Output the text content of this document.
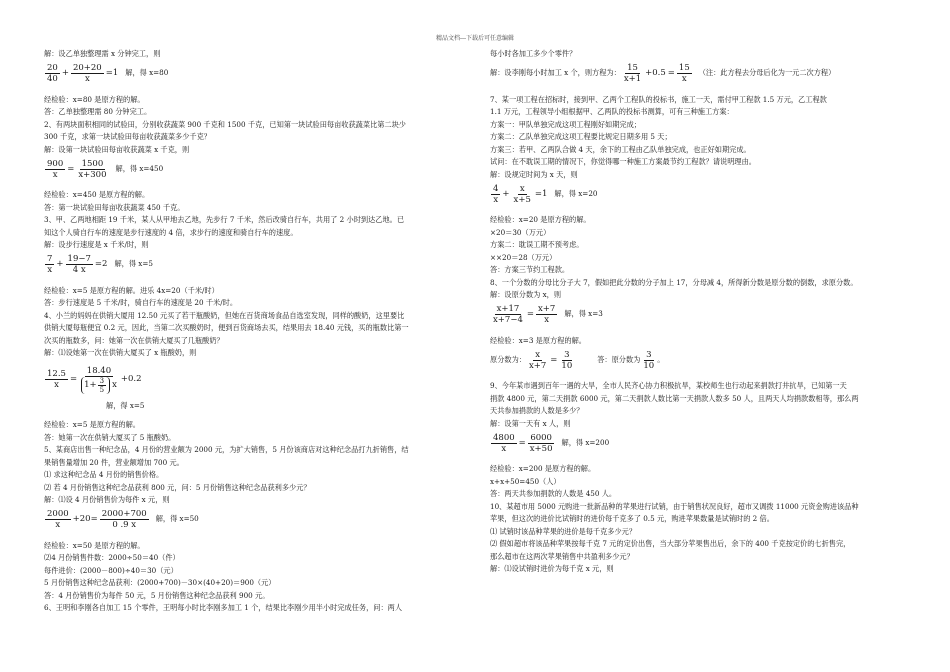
精品文档---下载后可任意编辑
解：设乙单独整理需 x 分钟完工，则
$\frac{20}{40} + \frac{20+20}{x} =1$ 解，得 x=80
经检验：x=80 是原方程的解。
答：乙单独整理需 80 分钟完工。
2、有两块面积相同的试验田，分别收获蔬菜 900 千克和 1500 千克，已知第一块试验田每亩收获蔬菜比第二块少
300 千克，求第一块试验田每亩收获蔬菜多少千克？
解：设第一块试验田每亩收获蔬菜 x 千克，则
$\frac{900}{x} = \frac{1500}{x+300}$ 解，得 x=450
经检验：x=450 是原方程的解。
答：第一块试验田每亩收获蔬菜 450 千克。
3、甲、乙两地相距 19 千米，某人从甲地去乙地，先步行 7 千米，然后改骑自行车，共用了 2 小时到达乙地。已
知这个人骑自行车的速度是步行速度的 4 倍，求步行的速度和骑自行车的速度。
解：设步行速度是 x 千米/时，则
$\frac{7}{x} + \frac{19-7}{4 x} =2$ 解，得 x=5
经检验：x=5 是原方程的解。进乐 4x=20（千米/时）
答：步行速度是 5 千米/时，骑自行车的速度是 20 千米/时。
4、小兰的妈妈在供销大厦用 12.50 元买了若干瓶酸奶，但她在百货商场食品自选室发现，同样的酸奶，这里要比
供销大厦每瓶便宜 0.2 元，因此，当第二次买酸奶时，便到百货商场去买，结果用去 18.40 元钱，买的瓶数比第一
次买的瓶数多，问：她第一次在供销大厦买了几瓶酸奶？
解：⑴设她第一次在供销大厦买了 x 瓶酸奶，则
$\frac{12.5}{x} = \frac{18.40}{1+ \frac{3}{5} x} +0.2$
解，得 x=5
经检验：x=5 是原方程的解。
答：她第一次在供销大厦买了 5 瓶酸奶。
5、某商店出售一种纪念品，4 月份的营业额为 2000 元，为扩大销售，5 月份该商店对这种纪念品打九折销售，结
果销售量增加 20 件，营业额增加 700 元。
⑴ 求这种纪念品 4 月份的销售价格。
⑵ 若 4 月份销售这种纪念品获利 800 元，问：5 月份销售这种纪念品获利多少元？
解：⑴设 4 月份销售价为每件 x 元，则
$\frac{2000}{x} +20= \frac{2000+700}{0 .9 x}$ 解，得 x=50
经检验：x=50 是原方程的解。
⑵4 月份销售件数：2000÷50＝40（件）
每件进价：(2000－800)÷40＝30（元）
5 月份销售这种纪念品获利：(2000+700)－30×(40+20)＝900（元）
答：4 月份销售价为每件 50 元，5 月份销售这种纪念品获利 900 元。
6、王明和李刚各自加工 15 个零件，王明每小时比李刚多加工 1 个，结果比李刚少用半小时完成任务，问：两人
每小时各加工多少个零件？
解：设李刚每小时加工 x 个，则方程为： $\frac{15}{x+1} +0.5 = \frac{15}{x}$ （注：此方程去分母后化为一元二次方程）
7、某一项工程在招标时，接到甲、乙两个工程队的投标书，施工一天，需付甲工程款 1.5 万元，乙工程款
1.1 万元，工程领导小组根据甲、乙两队的投标书测算，可有三种施工方案：
方案一：甲队单独完成这项工程刚好如期完成；
方案二：乙队单独完成这项工程要比规定日期多用 5 天；
方案三：若甲、乙两队合做 4 天，余下的工程由乙队单独完成，也正好如期完成。
试问：在不耽误工期的情况下，你觉得哪一种施工方案最节约工程款？请说明理由。
解：设规定时间为 x 天，则
$\frac{4}{x} + \frac{x}{x+5} =1$ 解，得 x=20
经检验：x=20 是原方程的解。
×20＝30（万元）
方案二：耽误工期不预考虑。
××20＝28（万元）
答：方案三节约工程款。
8、一个分数的分母比分子大 7，假如把此分数的分子加上 17，分母减 4，所得新分数是原分数的倒数，求原分数。
解：设原分数为 x，则
$\frac{x+17}{x+7-4} = \frac{x+7}{x}$ 解，得 x=3
经检验：x=3 是原方程的解。
原分数为： $\frac{x}{x+7} = \frac{3}{10}$	答：原分数为 $\frac{3}{10}$ 。
9、今年某市遇到百年一遇的大旱，全市人民齐心协力积极抗旱，某校师生也行动起来捐款打井抗旱，已知第一天
捐款 4800 元，第二天捐款 6000 元，第二天捐款人数比第一天捐款人数多 50 人，且两天人均捐款数相等，那么两
天共参加捐款的人数是多少？
解：设第一天有 x 人，则
$\frac{4800}{x} = \frac{6000}{x+50}$ 解，得 x=200
经检验：x=200 是原方程的解。
x+x+50=450（人）
答：两天共参加捐款的人数是 450 人。
10、某超市用 5000 元购进一批新品种的苹果进行试销，由于销售状况良好，超市又调拨 11000 元资金购进该品种
苹果，但这次的进价比试销时的进价每千克多了 0.5 元，购进苹果数量是试销时的 2 倍。
⑴ 试销时该品种苹果的进价是每千克多少元？
⑵ 假如超市将该品种苹果按每千克 7 元的定价出售，当大部分苹果售出后，余下的 400 千克按定价的七折售完，
那么超市在这两次苹果销售中共盈利多少元？
解：⑴设试销时进价为每千克 x 元，则
